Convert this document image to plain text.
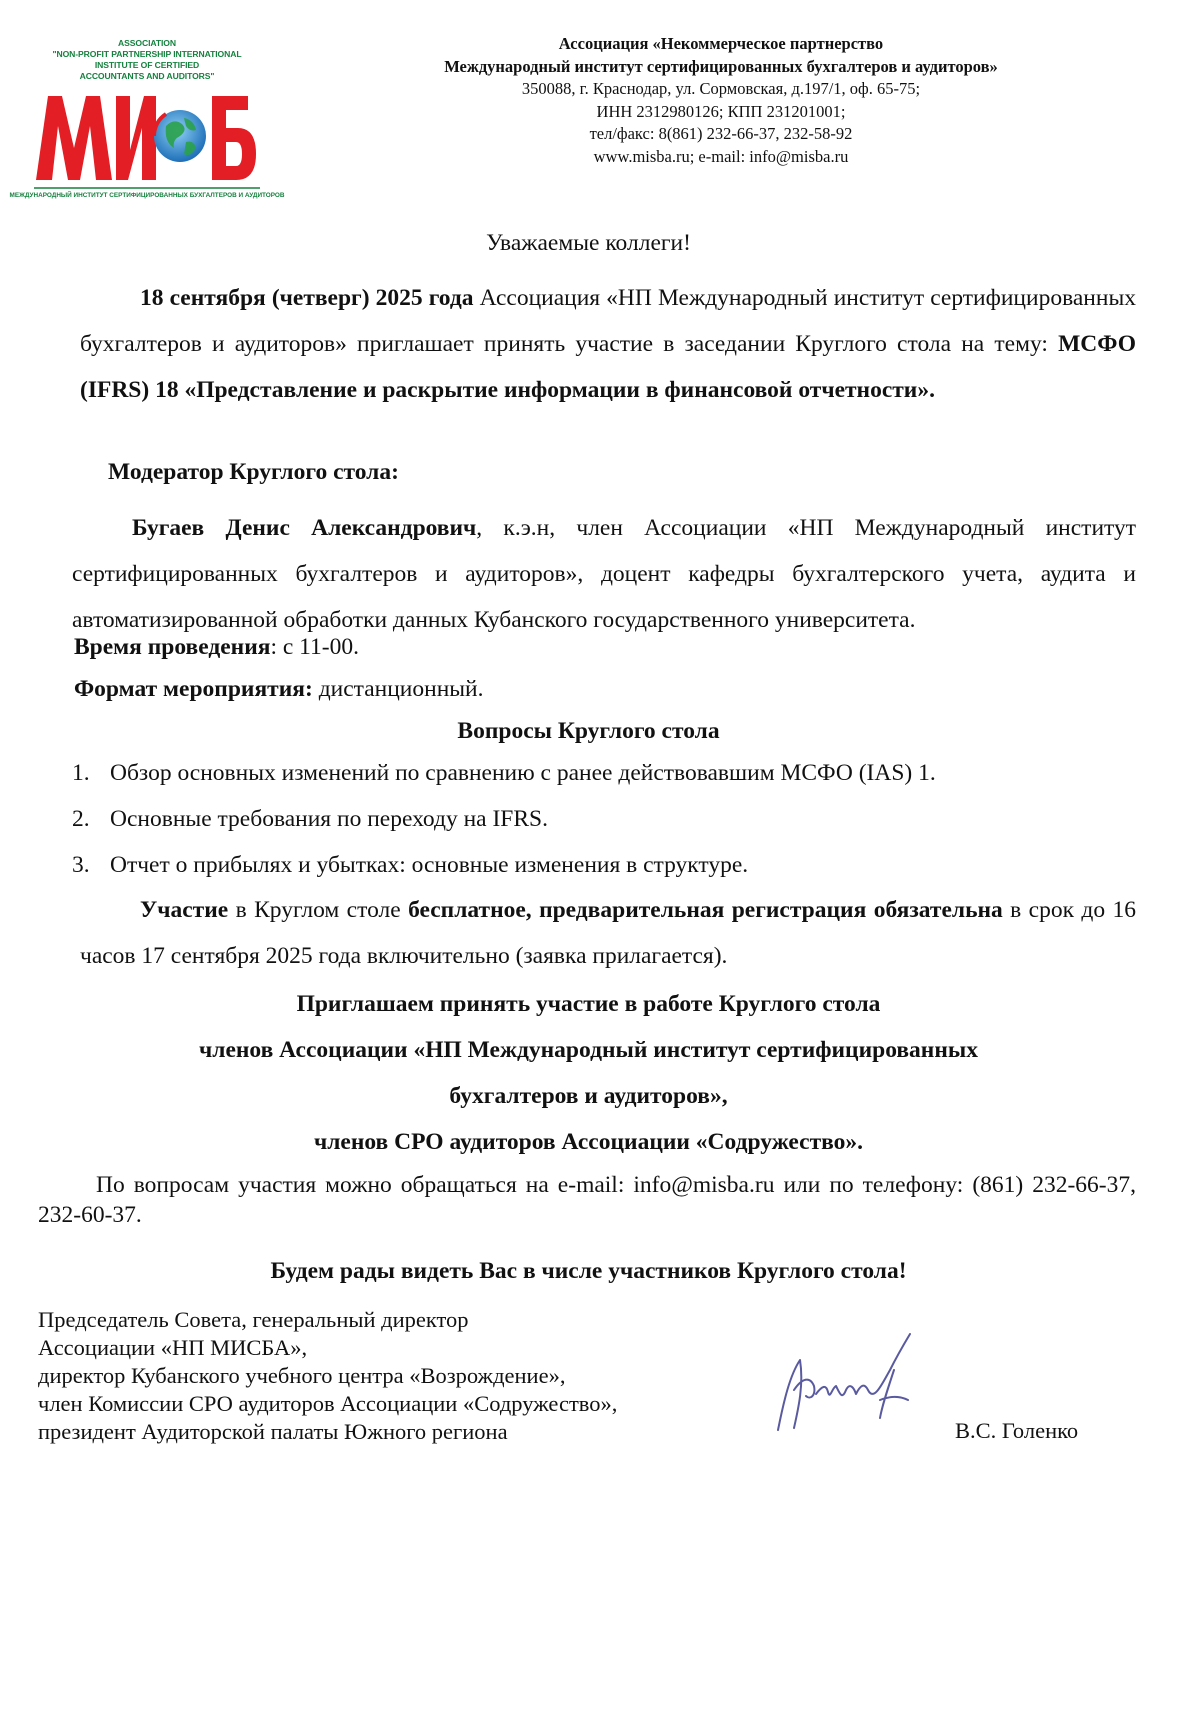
ASSOCIATION
"NON-PROFIT PARTNERSHIP INTERNATIONAL INSTITUTE OF CERTIFIED
ACCOUNTANTS AND AUDITORS"
МЕЖДУНАРОДНЫЙ ИНСТИТУТ СЕРТИФИЦИРОВАННЫХ БУХГАЛТЕРОВ И АУДИТОРОВ
Ассоциация «Некоммерческое партнерство
Международный институт сертифицированных бухгалтеров и аудиторов»
350088, г. Краснодар, ул. Сормовская, д.197/1, оф. 65-75;
ИНН 2312980126; КПП 231201001;
тел/факс: 8(861) 232-66-37, 232-58-92
www.misba.ru; e-mail: info@misba.ru
Уважаемые коллеги!
18 сентября (четверг) 2025 года Ассоциация «НП Международный институт сертифицированных бухгалтеров и аудиторов» приглашает принять участие в заседании Круглого стола на тему: МСФО (IFRS) 18 «Представление и раскрытие информации в финансовой отчетности».
Модератор Круглого стола:
Бугаев Денис Александрович, к.э.н, член Ассоциации «НП Международный институт сертифицированных бухгалтеров и аудиторов», доцент кафедры бухгалтерского учета, аудита и автоматизированной обработки данных Кубанского государственного университета.
Время проведения: с 11-00.
Формат мероприятия: дистанционный.
Вопросы Круглого стола
1. Обзор основных изменений по сравнению с ранее действовавшим МСФО (IAS) 1.
2. Основные требования по переходу на IFRS.
3. Отчет о прибылях и убытках: основные изменения в структуре.
Участие в Круглом столе бесплатное, предварительная регистрация обязательна в срок до 16 часов 17 сентября 2025 года включительно (заявка прилагается).
Приглашаем принять участие в работе Круглого стола
членов Ассоциации «НП Международный институт сертифицированных
бухгалтеров и аудиторов»,
членов СРО аудиторов Ассоциации «Содружество».
По вопросам участия можно обращаться на e-mail: info@misba.ru или по телефону: (861) 232-66-37, 232-60-37.
Будем рады видеть Вас в числе участников Круглого стола!
Председатель Совета, генеральный директор
Ассоциации «НП МИСБА»,
директор Кубанского учебного центра «Возрождение»,
член Комиссии СРО аудиторов Ассоциации «Содружество»,
президент Аудиторской палаты Южного региона	В.С. Голенко
